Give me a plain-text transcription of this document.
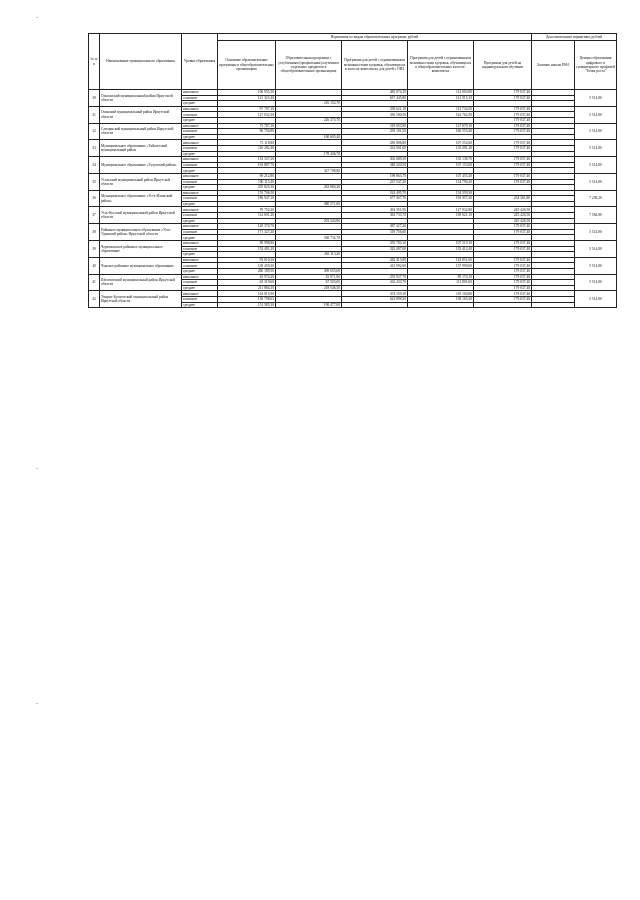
-
-
-
№ п/п	Наименование муниципального образования	Уровни образования	Нормативы по видам образовательных программ, рублей					Дополнительные нормативы, рублей	
			Основные образовательные программы в общеобразовательных организациях	Образовательная программа с углубленным (профильным) изучением отдельных предметов в общеобразовательных организациях	Программа для детей с ограниченными возможностями здоровья, обучающихся в классах-комплектах для детей с ОВЗ	Программа для детей с ограниченными возможностями здоровья, обучающихся в общеобразовательных классах-комплектах	Программа для детей на индивидуальном обучении	Базовые школы РАН	Центры образования цифрового и гуманитарного профилей "Точка роста"
30	Ольхонский муниципальный район Иркутской области	начальное	106 955,30		485 074,10	112 903,80	179 037,40		5 514,80
		основное	121 323,40		637 445,80	141 915,10	179 037,40		
		среднее		216 152,70					
31	Осинский муниципальный район Иркутской области	начальное	97 797,10		358 621,10	113 734,50	179 037,40		5 514,80
		основное	127 032,30		356 500,50	142 762,50	179 037,40		
		среднее		226 375,70			179 037,40		
32	Слюдянский муниципальный район Иркутской области	начальное	75 787,10		319 653,90	127 879,10	179 037,40		5 514,80
		основное	96 756,80		293 101,50	166 555,40	179 037,40		
		среднее		160 605,40					
33	Муниципальное образование «Тайшетский муниципальный район	начальное	73 118,80		285 806,80	107 552,60	179 037,40		5 514,80
		основное	116 282,40		332 901,00	135 091,20	179 037,40		
		среднее		178 446,70					
34	Муниципальное образование «Тулунский район»	начальное	133 337,20		302 689,50	135 138,70	179 037,40		5 514,80
		основное	163 887,70		348 320,50	167 153,00	179 037,40		
		среднее		327 708,80					
35	Усольский муниципальный район Иркутской области	начальное	69 212,80		198 863,70	107 455,20	179 037,40		5 514,80
		основное	100 115,40		237 547,20	134 790,20	179 037,40		
		среднее	255 825,30	263 884,20					
36	Муниципальное образование «Усть-Илимский район»	начальное	153 706,50		524 495,70	154 359,30			7 238,20
		основное	186 947,10		677 367,70	193 957,20	234 361,80		
		среднее		380 571,60					
37	Усть-Кутский муниципальный район Иркутской области	начальное	78 752,30		434 351,90	127 932,80	245 426,50		7 582,80
		основное	114 691,20		363 733,70	169 621,10	245 426,50		
		среднее		203 344,80			245 426,50		
38	Районное муниципальное образование «Усть-Удинский район» Иркутской области	начальное	120 370,70		387 327,20		179 037,40		5 514,80
		основное	171 327,20		319 756,60		179 037,40		
		среднее		330 732,70					
39	Черемховское районное муниципальное образование	начальное	89 998,80		355 783,10	107 519,10	179 037,40		5 514,80
		основное	152 491,20		325 287,00	135 412,40	179 037,40		
		среднее		265 113,20					
40	Чунское районное муниципальное образование	начальное	93 010,30		282 413,80	125 851,00	179 037,40		5 514,80
		основное	139 459,30		413 992,60	157 999,00	179 037,40		
		среднее	260 189,50	309 655,60			179 037,40		
41	Шелеховский муниципальный район Иркутской области	начальное	43 974,20	45 971,00	255 927,70	89 174,10	179 037,40		5 514,80
		основное	63 319,60	67 503,00	262 433,70	111 801,60	179 037,40		
		среднее	211 884,30	218 546,50			179 037,40		
42	Эхирит-Булагатский муниципальный район Иркутской области	начальное	102 915,90		474 159,30	110 104,80	179 037,40		5 514,80
		основное	130 798,65		623 898,30	138 165,40	179 037,40		
		среднее	151 585,30	198 477,00					
